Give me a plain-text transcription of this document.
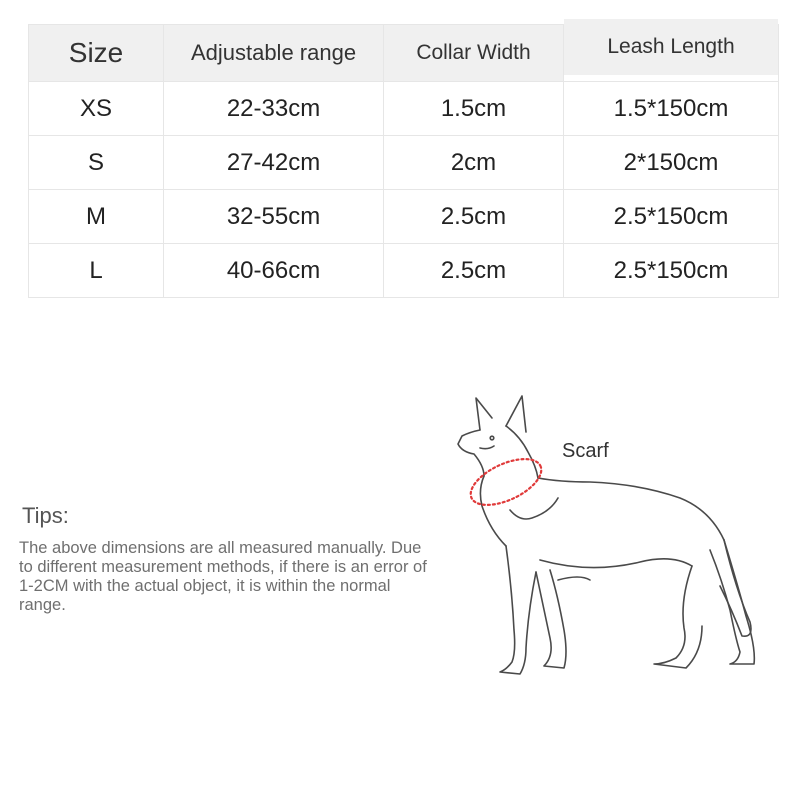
Size	Adjustable range	Collar Width	Leash Length
XS	22-33cm	1.5cm	1.5*150cm
S	27-42cm	2cm	2*150cm
M	32-55cm	2.5cm	2.5*150cm
L	40-66cm	2.5cm	2.5*150cm
Tips:
The above dimensions are all measured manually. Due to different measurement methods, if there is an error of 1-2CM with the actual object, it is within the normal range.
Scarf
